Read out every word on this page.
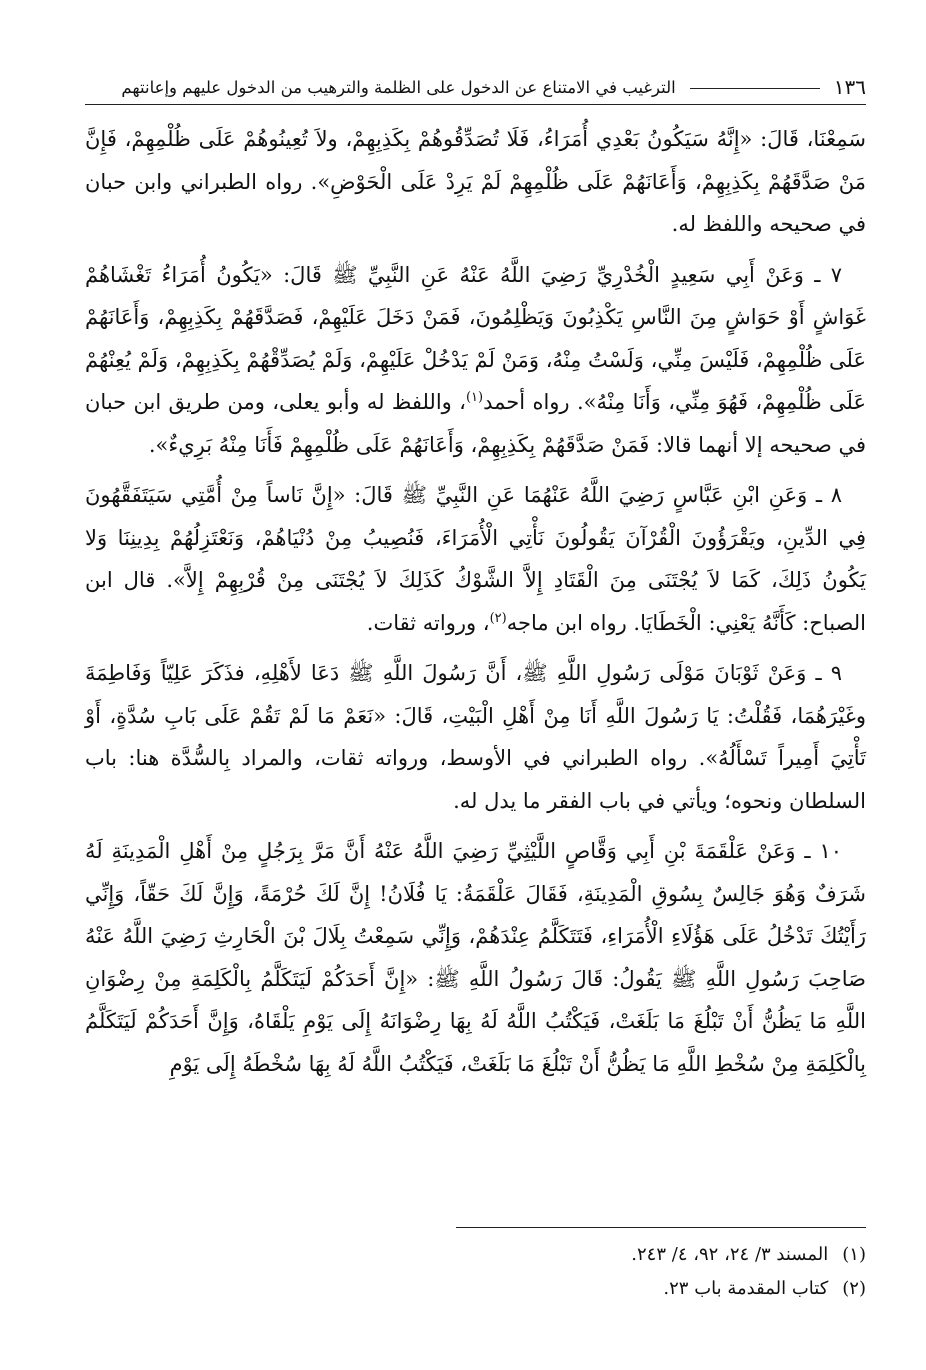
١٣٦
الترغيب في الامتناع عن الدخول على الظلمة والترهيب من الدخول عليهم وإعانتهم

سَمِعْنَا، قَالَ: «إِنَّهُ سَيَكُونُ بَعْدِي أُمَرَاءُ، فَلَا تُصَدِّقُوهُمْ بِكَذِبِهِمْ، ولاَ تُعِينُوهُمْ عَلَى ظُلْمِهِمْ، فَإِنَّ مَنْ صَدَّقَهُمْ بِكَذِبِهِمْ، وَأَعَانَهُمْ عَلَى ظُلْمِهِمْ لَمْ يَرِدْ عَلَى الْحَوْضِ». رواه الطبراني وابن حبان في صحيحه واللفظ له.

٧ ـ وَعَنْ أَبِي سَعِيدٍ الْخُدْرِيِّ رَضِيَ اللَّهُ عَنْهُ عَنِ النَّبِيِّ ﷺ قَالَ: «يَكُونُ أُمَرَاءُ تَغْشَاهُمْ غَوَاشٍ أَوْ حَوَاشٍ مِنَ النَّاسِ يَكْذِبُونَ وَيَظْلِمُونَ، فَمَنْ دَخَلَ عَلَيْهِمْ، فَصَدَّقَهُمْ بِكَذِبِهِمْ، وَأَعَانَهُمْ عَلَى ظُلْمِهِمْ، فَلَيْسَ مِنِّي، وَلَسْتُ مِنْهُ، وَمَنْ لَمْ يَدْخُلْ عَلَيْهِمْ، وَلَمْ يُصَدِّقْهُمْ بِكَذِبِهِمْ، وَلَمْ يُعِنْهُمْ عَلَى ظُلْمِهِمْ، فَهُوَ مِنِّي، وَأَنَا مِنْهُ». رواه أحمد$^{(١)}$، واللفظ له وأبو يعلى، ومن طريق ابن حبان في صحيحه إلا أنهما قالا: فَمَنْ صَدَّقَهُمْ بِكَذِبِهِمْ، وَأَعَانَهُمْ عَلَى ظُلْمِهِمْ فَأَنَا مِنْهُ بَرِيءٌ».

٨ ـ وَعَنِ ابْنِ عَبَّاسٍ رَضِيَ اللَّهُ عَنْهُمَا عَنِ النَّبِيِّ ﷺ قَالَ: «إِنَّ نَاساً مِنْ أُمَّتِي سَيَتَفَقَّهُونَ فِي الدِّينِ، ويَقْرَؤُونَ الْقُرْآنَ يَقُولُونَ نَأْتِي الْأُمَرَاءَ، فَنُصِيبُ مِنْ دُنْيَاهُمْ، وَنَعْتَزِلُهُمْ بِدِينِنَا وَلا يَكُونُ ذَلِكَ، كَمَا لاَ يُجْتَنَى مِنَ الْقَتَادِ إِلاَّ الشَّوْكُ كَذَلِكَ لاَ يُجْتَنَى مِنْ قُرْبِهِمْ إِلاَّ». قال ابن الصباح: كَأَنَّهُ يَعْنِي: الْخَطَايَا. رواه ابن ماجه$^{(٢)}$، ورواته ثقات.

٩ ـ وَعَنْ ثَوْبَانَ مَوْلَى رَسُولِ اللَّهِ ﷺ، أَنَّ رَسُولَ اللَّهِ ﷺ دَعَا لأَهْلِهِ، فذَكَرَ عَلِيّاً وَفَاطِمَةَ وغَيْرَهُمَا، فَقُلْتُ: يَا رَسُولَ اللَّهِ أَنَا مِنْ أَهْلِ الْبَيْتِ، قَالَ: «نَعَمْ مَا لَمْ تَقُمْ عَلَى بَابِ سُدَّةٍ، أَوْ تَأْتِيَ أَمِيراً تَسْأَلُهُ». رواه الطبراني في الأوسط، ورواته ثقات، والمراد بِالسُّدَّة هنا: باب السلطان ونحوه؛ ويأتي في باب الفقر ما يدل له.

١٠ ـ وَعَنْ عَلْقَمَةَ بْنِ أَبِي وَقَّاصٍ اللَّيْثِيِّ رَضِيَ اللَّهُ عَنْهُ أَنَّ مَرَّ بِرَجُلٍ مِنْ أَهْلِ الْمَدِينَةِ لَهُ شَرَفٌ وَهُوَ جَالِسٌ بِسُوقِ الْمَدِينَةِ، فَقَالَ عَلْقَمَةُ: يَا فُلَانُ! إِنَّ لَكَ حُرْمَةً، وَإِنَّ لَكَ حَقّاً، وَإِنِّي رَأَيْتُكَ تَدْخُلُ عَلَى هَؤُلَاءِ الْأُمَرَاءِ، فَتَتَكَلَّمُ عِنْدَهُمْ، وَإِنِّي سَمِعْتُ بِلَالَ بْنَ الْحَارِثِ رَضِيَ اللَّهُ عَنْهُ صَاحِبَ رَسُولِ اللَّهِ ﷺ يَقُولُ: قَالَ رَسُولُ اللَّهِ ﷺ: «إِنَّ أَحَدَكُمْ لَيَتَكَلَّمُ بِالْكَلِمَةِ مِنْ رِضْوَانِ اللَّهِ مَا يَظُنُّ أَنْ تَبْلُغَ مَا بَلَغَتْ، فَيَكْتُبُ اللَّهُ لَهُ بِهَا رِضْوَانَهُ إِلَى يَوْمِ يَلْقَاهُ، وَإِنَّ أَحَدَكُمْ لَيَتَكَلَّمُ بِالْكَلِمَةِ مِنْ سُخْطِ اللَّهِ مَا يَظُنُّ أَنْ تَبْلُغَ مَا بَلَغَتْ، فَيَكْتُبُ اللَّهُ لَهُ بِهَا سُخْطَهُ إِلَى يَوْمِ

(١)المسند ٣/ ٢٤، ٩٢، ٤/ ٢٤٣.
(٢)كتاب المقدمة باب ٢٣.
